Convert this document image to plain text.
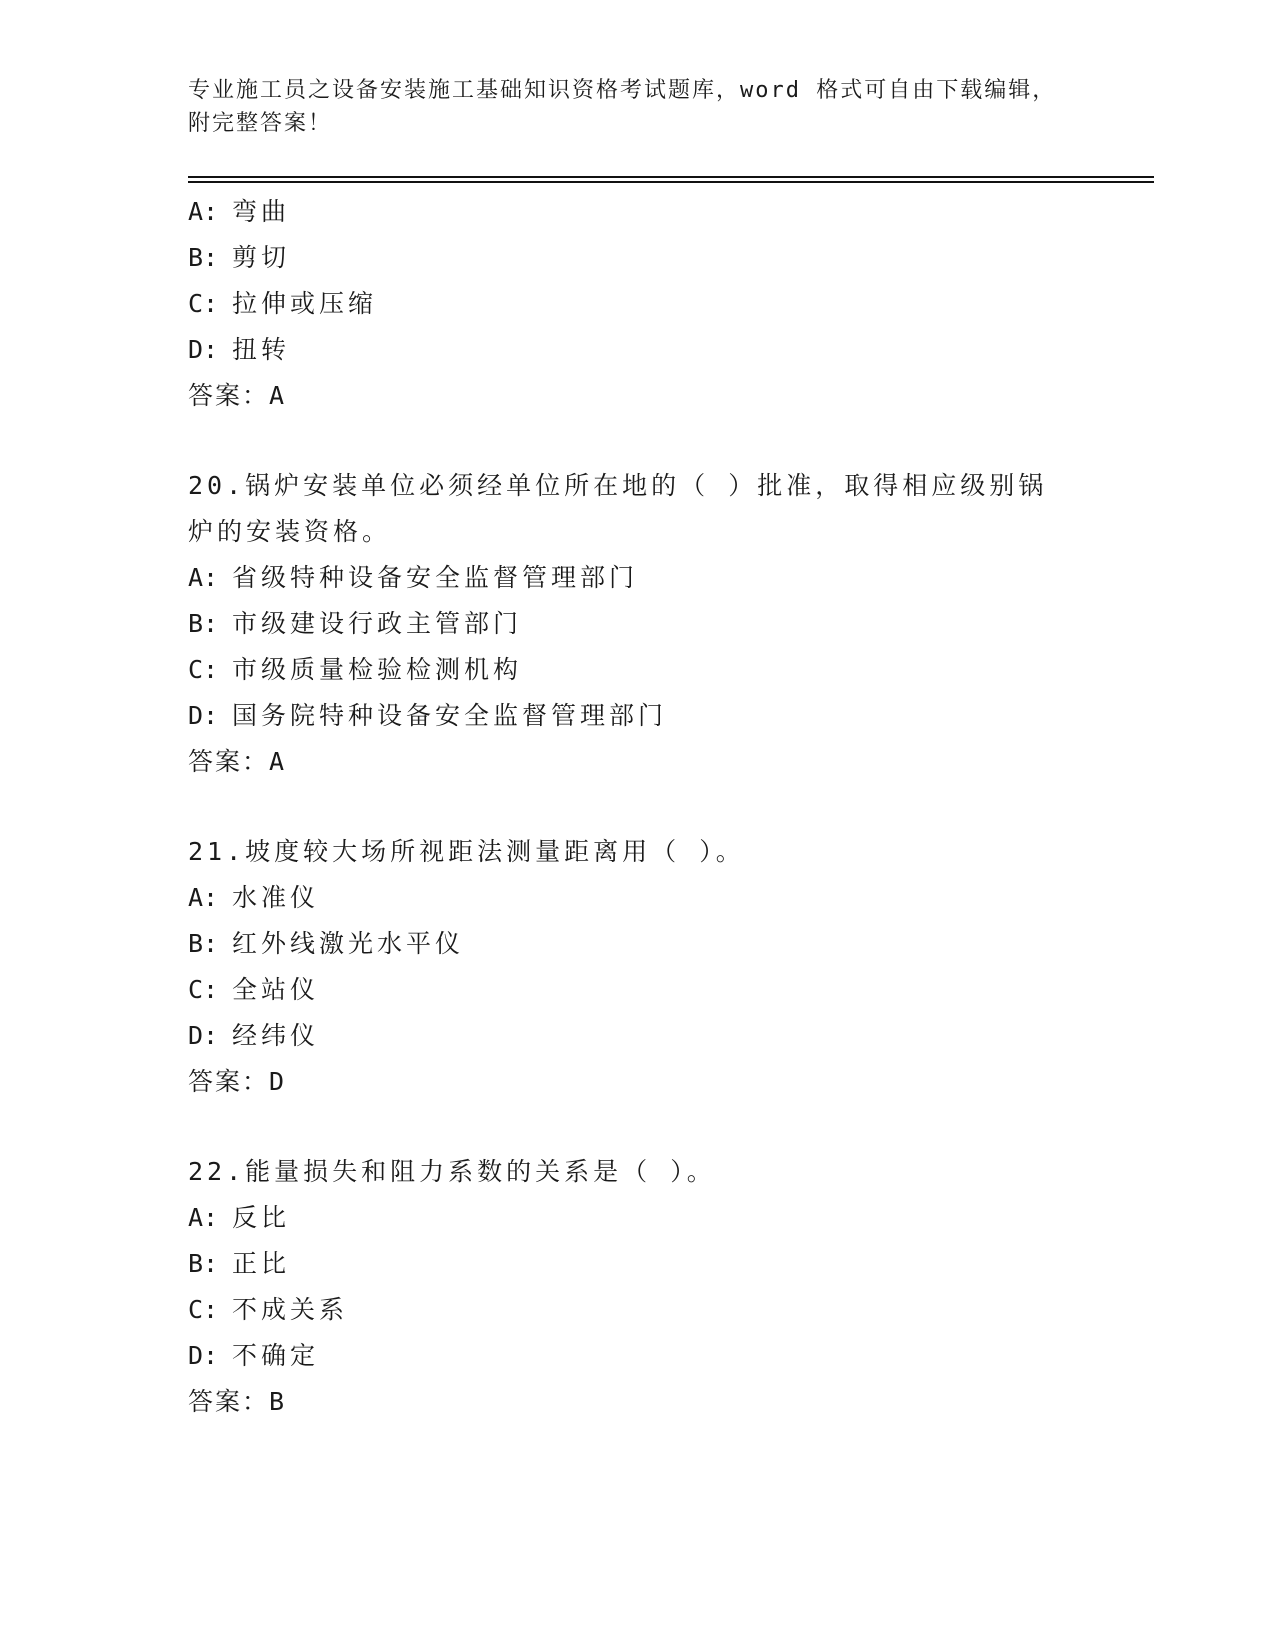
专业施工员之设备安装施工基础知识资格考试题库，word 格式可自由下载编辑，附完整答案！
A: 弯曲
B: 剪切
C: 拉伸或压缩
D: 扭转
答案：A
20.锅炉安装单位必须经单位所在地的（ ）批准，取得相应级别锅炉的安装资格。
A: 省级特种设备安全监督管理部门
B: 市级建设行政主管部门
C: 市级质量检验检测机构
D: 国务院特种设备安全监督管理部门
答案：A
21.坡度较大场所视距法测量距离用（ ）。
A: 水准仪
B: 红外线激光水平仪
C: 全站仪
D: 经纬仪
答案：D
22.能量损失和阻力系数的关系是（ ）。
A: 反比
B: 正比
C: 不成关系
D: 不确定
答案：B
